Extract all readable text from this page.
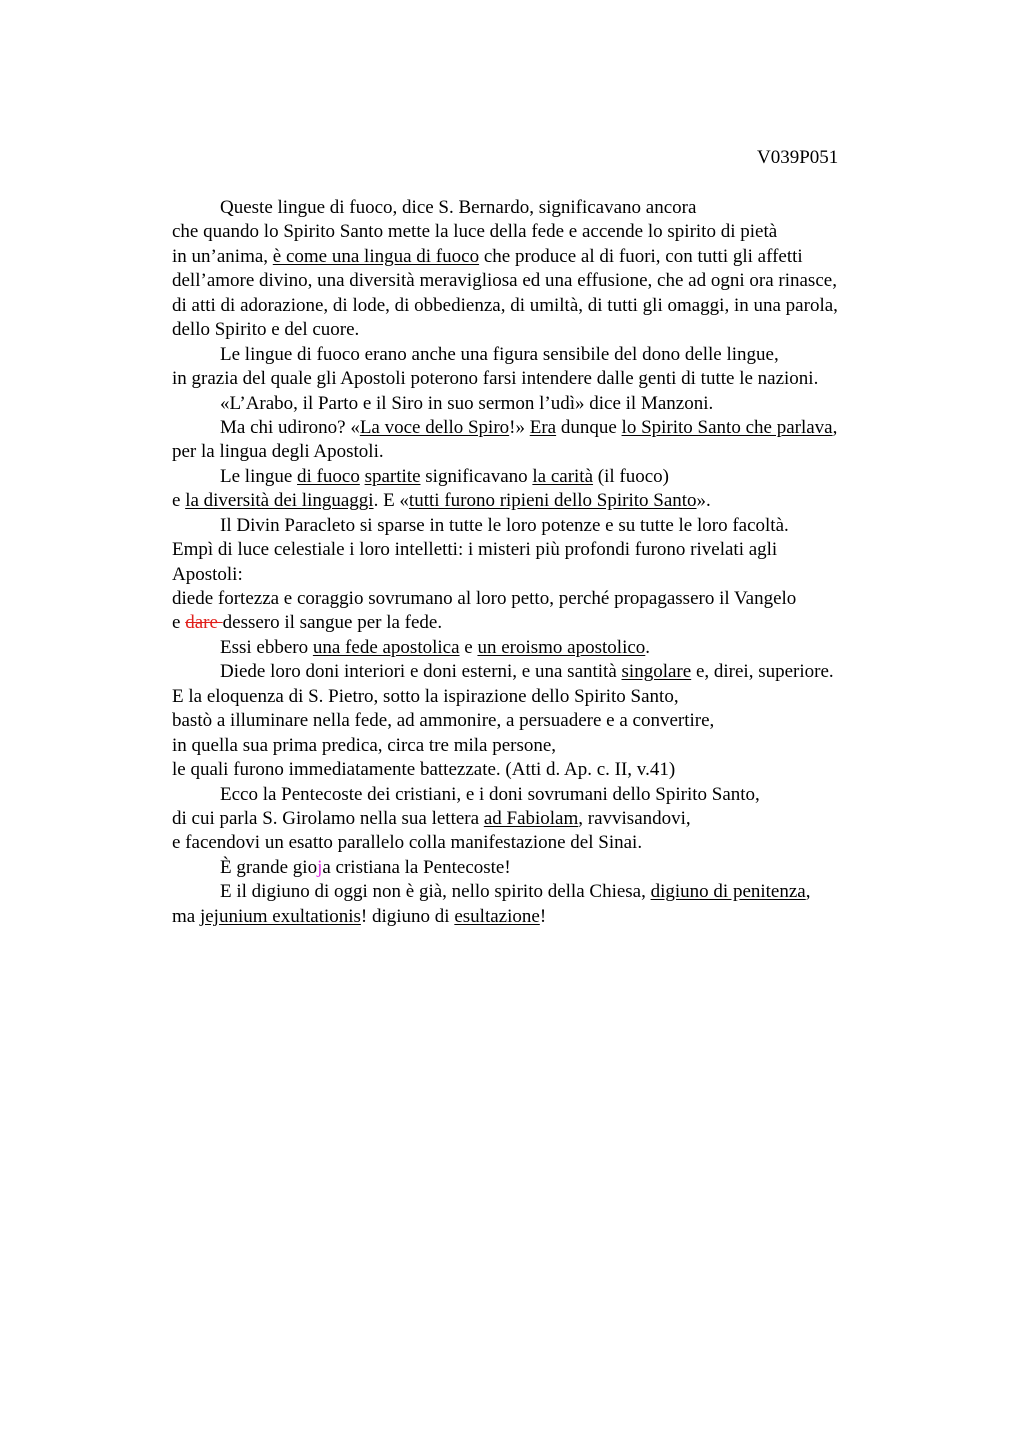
V039P051
Queste lingue di fuoco, dice S. Bernardo, significavano ancora
che quando lo Spirito Santo mette la luce della fede e accende lo spirito di pietà
in un’anima, è come una lingua di fuoco che produce al di fuori, con tutti gli affetti
dell’amore divino, una diversità meravigliosa ed una effusione, che ad ogni ora rinasce,
di atti di adorazione, di lode, di obbedienza, di umiltà, di tutti gli omaggi, in una parola,
dello Spirito e del cuore.
Le lingue di fuoco erano anche una figura sensibile del dono delle lingue,
in grazia del quale gli Apostoli poterono farsi intendere dalle genti di tutte le nazioni.
«L’Arabo, il Parto e il Siro in suo sermon l’udì» dice il Manzoni.
Ma chi udirono? «La voce dello Spiro!» Era dunque lo Spirito Santo che parlava,
per la lingua degli Apostoli.
Le lingue di fuoco spartite significavano la carità (il fuoco)
e la diversità dei linguaggi. E «tutti furono ripieni dello Spirito Santo».
Il Divin Paracleto si sparse in tutte le loro potenze e su tutte le loro facoltà.
Empì di luce celestiale i loro intelletti: i misteri più profondi furono rivelati agli
Apostoli:
diede fortezza e coraggio sovrumano al loro petto, perché propagassero il Vangelo
e dare dessero il sangue per la fede.
Essi ebbero una fede apostolica e un eroismo apostolico.
Diede loro doni interiori e doni esterni, e una santità singolare e, direi, superiore.
E la eloquenza di S. Pietro, sotto la ispirazione dello Spirito Santo,
bastò a illuminare nella fede, ad ammonire, a persuadere e a convertire,
in quella sua prima predica, circa tre mila persone,
le quali furono immediatamente battezzate. (Atti d. Ap. c. II, v.41)
Ecco la Pentecoste dei cristiani, e i doni sovrumani dello Spirito Santo,
di cui parla S. Girolamo nella sua lettera ad Fabiolam, ravvisandovi,
e facendovi un esatto parallelo colla manifestazione del Sinai.
È grande gioja cristiana la Pentecoste!
E il digiuno di oggi non è già, nello spirito della Chiesa, digiuno di penitenza,
ma jejunium exultationis! digiuno di esultazione!
